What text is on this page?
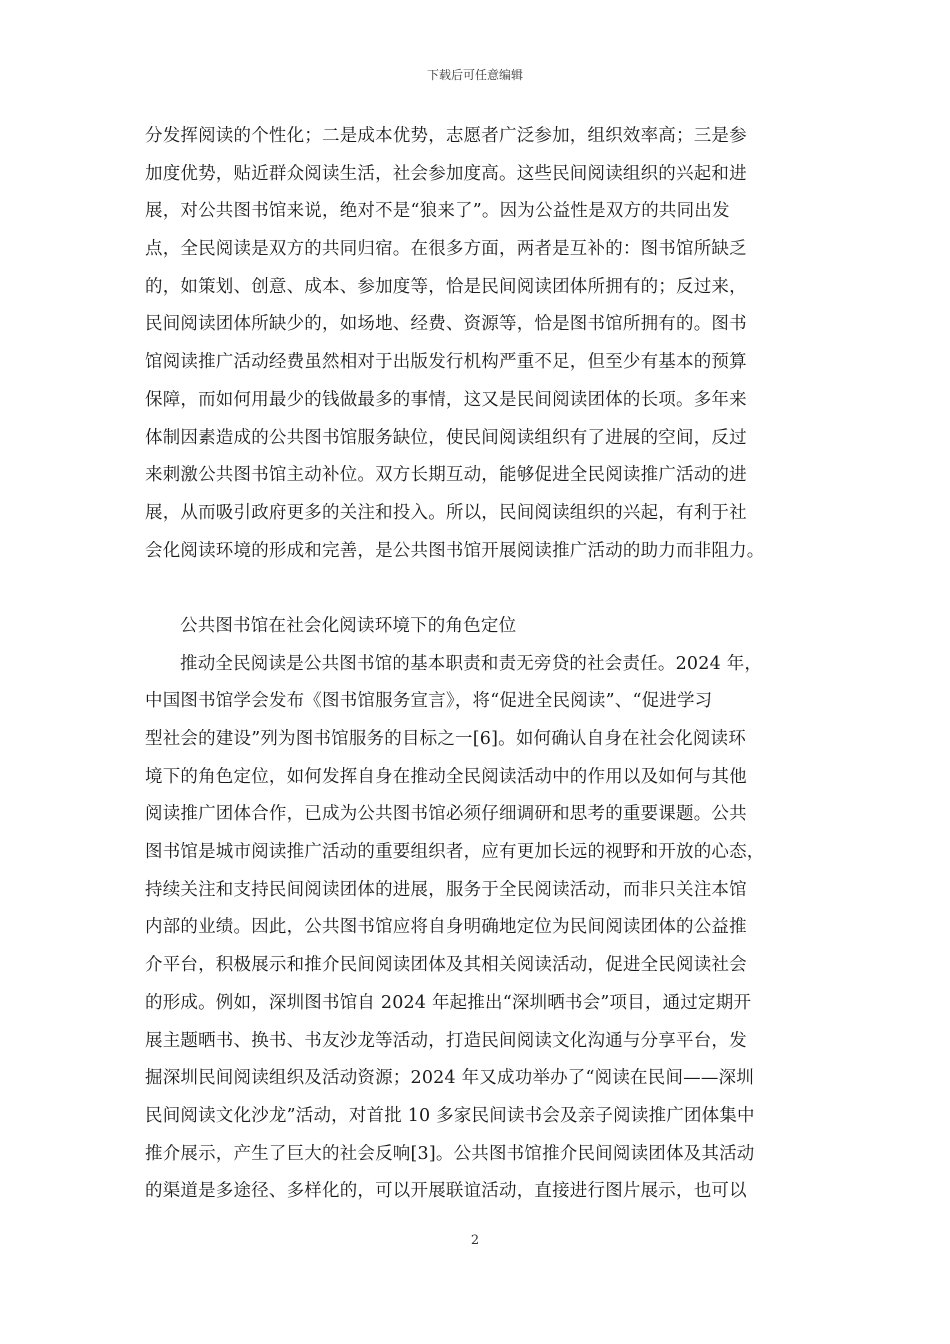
下载后可任意编辑
分发挥阅读的个性化；二是成本优势，志愿者广泛参加，组织效率高；三是参
加度优势，贴近群众阅读生活，社会参加度高。这些民间阅读组织的兴起和进
展，对公共图书馆来说，绝对不是“狼来了”。因为公益性是双方的共同出发
点，全民阅读是双方的共同归宿。在很多方面，两者是互补的：图书馆所缺乏
的，如策划、创意、成本、参加度等，恰是民间阅读团体所拥有的；反过来，
民间阅读团体所缺少的，如场地、经费、资源等，恰是图书馆所拥有的。图书
馆阅读推广活动经费虽然相对于出版发行机构严重不足，但至少有基本的预算
保障，而如何用最少的钱做最多的事情，这又是民间阅读团体的长项。多年来
体制因素造成的公共图书馆服务缺位，使民间阅读组织有了进展的空间，反过
来刺激公共图书馆主动补位。双方长期互动，能够促进全民阅读推广活动的进
展，从而吸引政府更多的关注和投入。所以，民间阅读组织的兴起，有利于社
会化阅读环境的形成和完善，是公共图书馆开展阅读推广活动的助力而非阻力。
公共图书馆在社会化阅读环境下的角色定位
推动全民阅读是公共图书馆的基本职责和责无旁贷的社会责任。2024 年，
中国图书馆学会发布《图书馆服务宣言》，将“促进全民阅读”、“促进学习
型社会的建设”列为图书馆服务的目标之一[6]。如何确认自身在社会化阅读环
境下的角色定位，如何发挥自身在推动全民阅读活动中的作用以及如何与其他
阅读推广团体合作，已成为公共图书馆必须仔细调研和思考的重要课题。公共
图书馆是城市阅读推广活动的重要组织者，应有更加长远的视野和开放的心态，
持续关注和支持民间阅读团体的进展，服务于全民阅读活动，而非只关注本馆
内部的业绩。因此，公共图书馆应将自身明确地定位为民间阅读团体的公益推
介平台，积极展示和推介民间阅读团体及其相关阅读活动，促进全民阅读社会
的形成。例如，深圳图书馆自 2024 年起推出“深圳晒书会”项目，通过定期开
展主题晒书、换书、书友沙龙等活动，打造民间阅读文化沟通与分享平台，发
掘深圳民间阅读组织及活动资源；2024 年又成功举办了“阅读在民间——深圳
民间阅读文化沙龙”活动，对首批 10 多家民间读书会及亲子阅读推广团体集中
推介展示，产生了巨大的社会反响[3]。公共图书馆推介民间阅读团体及其活动
的渠道是多途径、多样化的，可以开展联谊活动，直接进行图片展示，也可以
2
